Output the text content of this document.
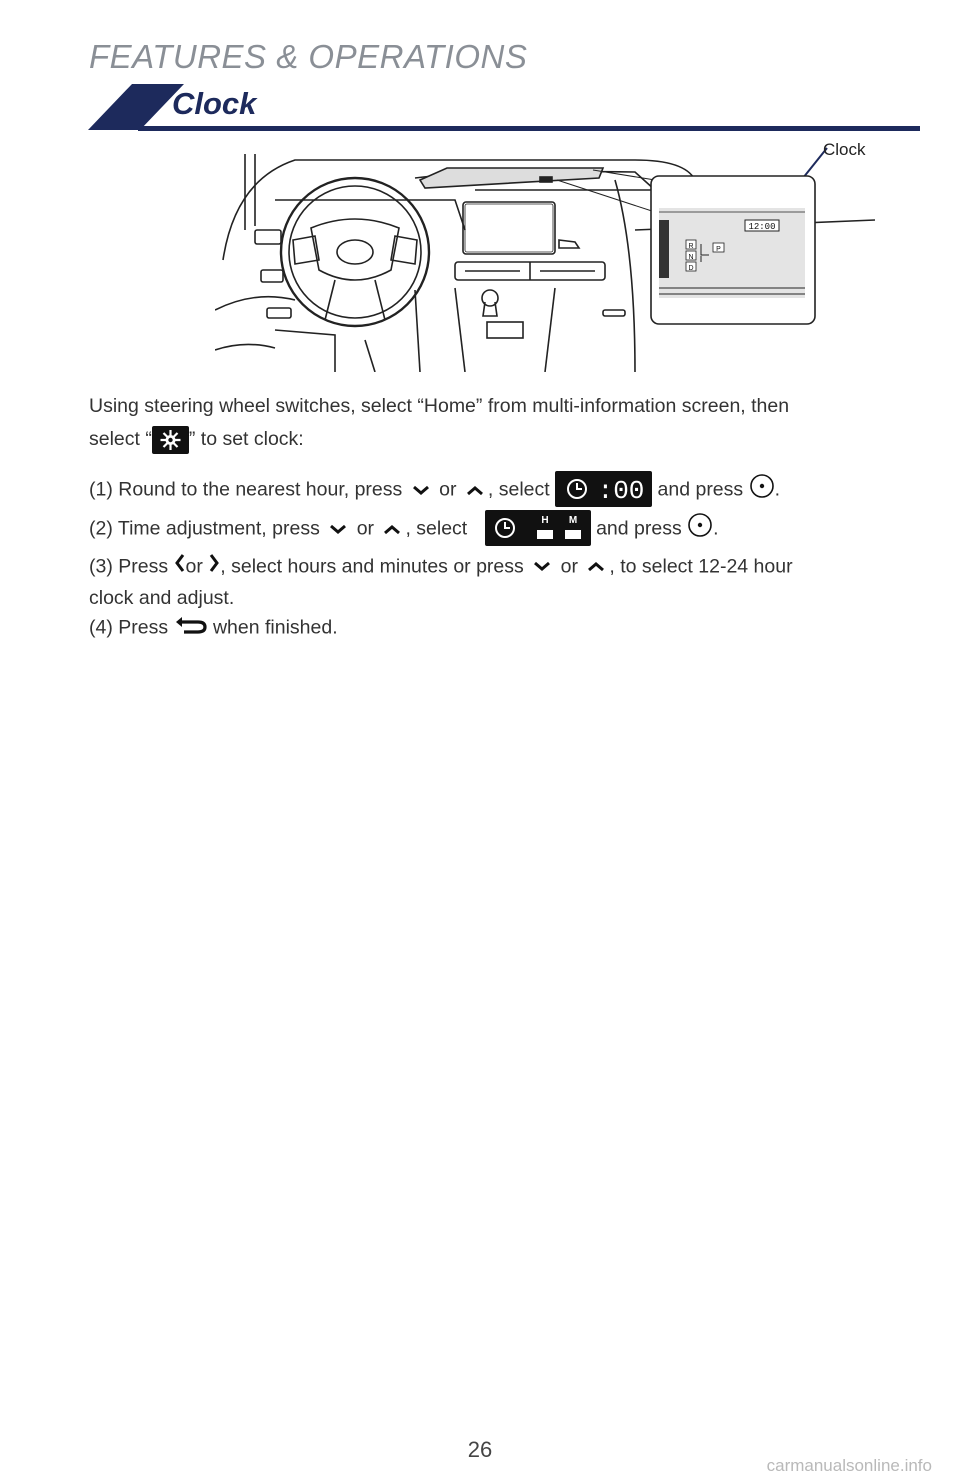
FEATURES & OPERATIONS
Clock
12:00
R
N
D
P
Clock
Using steering wheel switches, select “Home” from multi-information screen, then
select “ ” to set clock:
(1) Round to the nearest hour, press or , select :00 and press .
(2) Time adjustment, press or , select	H M and press .
(3) Press or , select hours and minutes or press or , to select 12-24 hour
clock and adjust.
(4) Press when finished.
26
carmanualsonline.info
